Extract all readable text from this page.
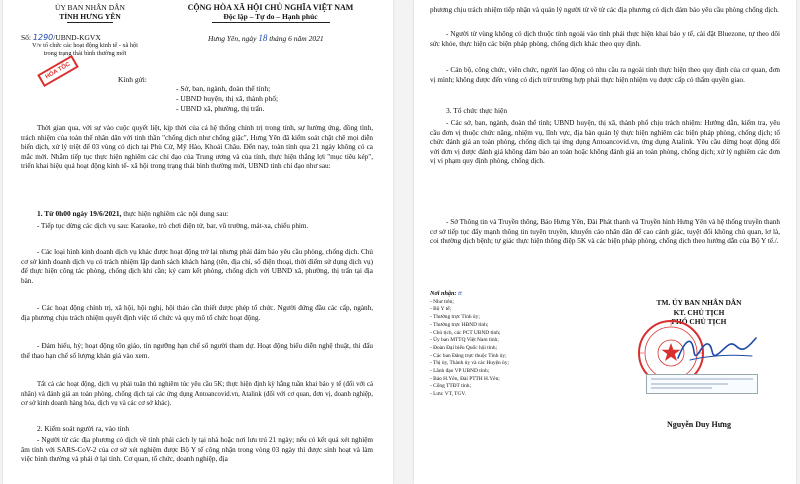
ỦY BAN NHÂN DÂN
TỈNH HƯNG YÊN
CỘNG HÒA XÃ HỘI CHỦ NGHĨA VIỆT NAM
Độc lập – Tự do – Hạnh phúc
Số: 1290/UBND-KGVX	Hưng Yên, ngày 18 tháng 6 năm 2021
V/v tổ chức các hoạt động kinh tế - xã hội
trong trạng thái bình thường mới
HỎA TỐC	Kính gửi:
- Sở, ban, ngành, đoàn thể tỉnh;
- UBND huyện, thị xã, thành phố;
- UBND xã, phường, thị trấn.

Thời gian qua, với sự vào cuộc quyết liệt, kịp thời của cả hệ thống chính trị trong tỉnh, sự hưởng ứng, đồng tình, trách nhiệm của toàn thể nhân dân với tinh thần "chống dịch như chống giặc", Hưng Yên đã kiểm soát chặt chẽ mọi diễn biến dịch, xử lý triệt để 03 vùng có dịch tại Phù Cừ, Mỹ Hào, Khoái Châu. Đến nay, toàn tỉnh qua 21 ngày không có ca mắc mới. Nhằm tiếp tục thực hiện nghiêm các chỉ đạo của Trung ương và của tỉnh, thực hiện thắng lợi "mục tiêu kép", triển khai hiệu quả hoạt động kinh tế- xã hội trong trạng thái bình thường mới, UBND tỉnh chỉ đạo như sau:

1. Từ 0h00 ngày 19/6/2021, thực hiện nghiêm các nội dung sau:

- Tiếp tục dừng các dịch vụ sau: Karaoke, trò chơi điện tử, bar, vũ trường, mát-xa, chiếu phim.

- Các loại hình kinh doanh dịch vụ khác được hoạt động trở lại nhưng phải đảm bảo yêu cầu phòng, chống dịch. Chủ cơ sở kinh doanh dịch vụ có trách nhiệm lập danh sách khách hàng (tên, địa chỉ, số điện thoại, thời điểm sử dụng dịch vụ) để thực hiện công tác phòng, chống dịch khi cần; ký cam kết phòng, chống dịch với UBND xã, phường, thị trấn tại địa bàn.

- Các hoạt động chính trị, xã hội, hội nghị, hội thảo cần thiết được phép tổ chức. Người đứng đầu các cấp, ngành, địa phương chịu trách nhiệm quyết định việc tổ chức và quy mô tổ chức hoạt động.

- Đảm hiếu, hỷ; hoạt động tôn giáo, tín ngưỡng hạn chế số người tham dự. Hoạt động biểu diễn nghệ thuật, thi đấu thể thao hạn chế số lượng khán giả vào xem.

Tất cả các hoạt động, dịch vụ phải tuân thủ nghiêm túc yêu cầu 5K; thực hiện định kỳ hằng tuần khai báo y tế (đối với cá nhân) và đánh giá an toàn phòng, chống dịch tại các ứng dụng Antoancovid.vn, Atalink (đối với cơ quan, đơn vị, doanh nghiệp, cơ sở kinh doanh hàng hóa, dịch vụ và các cơ sở khác).

2. Kiểm soát người ra, vào tỉnh

- Người từ các địa phương có dịch về tỉnh phải cách ly tại nhà hoặc nơi lưu trú 21 ngày; nếu có kết quả xét nghiệm âm tính với SARS-CoV-2 của cơ sở xét nghiệm được Bộ Y tế công nhận trong vòng 03 ngày thì được sinh hoạt và làm việc bình thường và phải ở lại tỉnh. Cơ quan, tổ chức, doanh nghiệp, địa

phương chịu trách nhiệm tiếp nhận và quản lý người từ về từ các địa phương có dịch đảm bảo yêu cầu phòng chống dịch.

- Người từ vùng không có dịch thuộc tỉnh ngoài vào tỉnh phải thực hiện khai báo y tế, cài đặt Bluezone, tự theo dõi sức khỏe, thực hiện các biện pháp phòng, chống dịch khác theo quy định.

- Cán bộ, công chức, viên chức, người lao động có nhu cầu ra ngoài tỉnh thực hiện theo quy định của cơ quan, đơn vị mình; không được đến vùng có dịch trừ trường hợp phải thực hiện nhiệm vụ được cấp có thẩm quyền giao.

3. Tổ chức thực hiện

- Các sở, ban, ngành, đoàn thể tỉnh; UBND huyện, thị xã, thành phố chịu trách nhiệm: Hướng dẫn, kiểm tra, yêu cầu đơn vị thuộc chức năng, nhiệm vụ, lĩnh vực, địa bàn quản lý thực hiện nghiêm các biện pháp phòng, chống dịch; tổ chức đánh giá an toàn phòng, chống dịch tại ứng dụng Antoancovid.vn, ứng dụng Atalink. Yêu cầu dừng hoạt động đối với đơn vị được đánh giá không đảm bảo an toàn hoặc không đánh giá an toàn phòng, chống dịch; xử lý nghiêm các đơn vị vi phạm quy định phòng, chống dịch.

- Sở Thông tin và Truyền thông, Báo Hưng Yên, Đài Phát thanh và Truyền hình Hưng Yên và hệ thống truyền thanh cơ sở tiếp tục đẩy mạnh thông tin tuyên truyền, khuyến cáo nhân dân để cao cảnh giác, tuyệt đối không chủ quan, lơ là, coi thường dịch bệnh; tự giác thực hiện thông điệp 5K và các biện pháp phòng, chống dịch theo hướng dẫn của Bộ Y tế./.

Nơi nhận: tt
- Như trên;
- Bộ Y tế;
- Thường trực Tỉnh ủy;
- Thường trực HĐND tỉnh;
- Chủ tịch, các PCT UBND tỉnh;
- Ủy ban MTTQ Việt Nam tỉnh;
- Đoàn Đại biểu Quốc hội tỉnh;
- Các ban Đảng trực thuộc Tỉnh ủy;
- Thị ủy, Thành ủy và các Huyện ủy;
- Lãnh đạo VP UBND tỉnh;
- Báo H.Yên, Đài PTTH H.Yên;
- Cổng TTĐT tỉnh;
- Lưu: VT, TGV.
TM. ỦY BAN NHÂN DÂN
KT. CHỦ TỊCH
PHÓ CHỦ TỊCH
Nguyễn Duy Hưng
